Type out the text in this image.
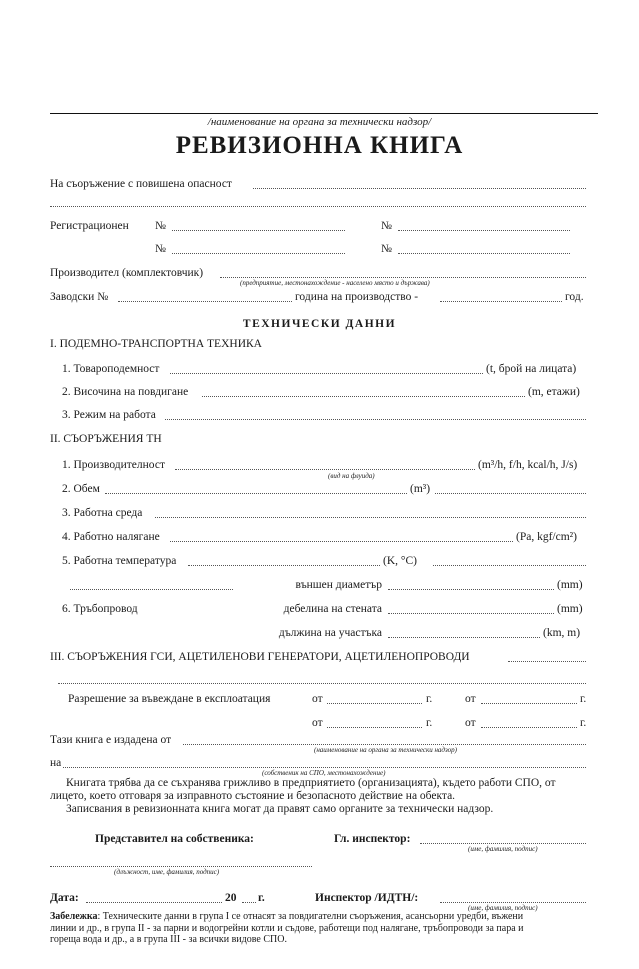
/наименование на органа за технически надзор/
РЕВИЗИОННА КНИГА
На съоръжение с повишена опасност
Регистрационен №	№
№	№
Производител (комплектовчик)
(предприятие, местонахождение - населено място и държава)
Заводски №	година на производство -	год.
ТЕХНИЧЕСКИ ДАННИ
I. ПОДЕМНО-ТРАНСПОРТНА ТЕХНИКА
1. Товароподемност	(t, брой на лицата)
2. Височина на повдигане	(m, етажи)
3. Режим на работа
II. СЪОРЪЖЕНИЯ ТН
1. Производителност	(m³/h, f/h, kcal/h, J/s)
(вид на флуида)
2. Обем	(m³)
3. Работна среда
4. Работно налягане	(Pa, kgf/cm²)
5. Работна температура	(K, °C)
външен диаметър	(mm)
6. Тръбопровод	дебелина на стената	(mm)
дължина на участъка	(km, m)
III. СЪОРЪЖЕНИЯ ГСИ, АЦЕТИЛЕНОВИ ГЕНЕРАТОРИ, АЦЕТИЛЕНОПРОВОДИ
Разрешение за въвеждане в експлоатация	от	г.	от	г.
от	г.	от	г.
Тази книга е издадена от
(наименование на органа за технически надзор)
на
(собственик на СПО, местонахождение)
Книгата трябва да се съхранява грижливо в предприятието (организацията), където работи СПО, от
лицето, което отговаря за изправното състояние и безопасното действие на обекта.
Записвания в ревизионната книга могат да правят само органите за технически надзор.
Представител на собственика:
(длъжност, име, фамилия, подпис)
Гл. инспектор:
(име, фамилия, подпис)
Дата:	20 г.	Инспектор /ИДТН/:
(име, фамилия, подпис)
Забележка: Техническите данни в група I се отнасят за повдигателни съоръжения, асансьорни уредби, въжени
линии и др., в група II - за парни и водогрейни котли и съдове, работещи под налягане, тръбопроводи за пара и
гореща вода и др., а в група III - за всички видове СПО.
